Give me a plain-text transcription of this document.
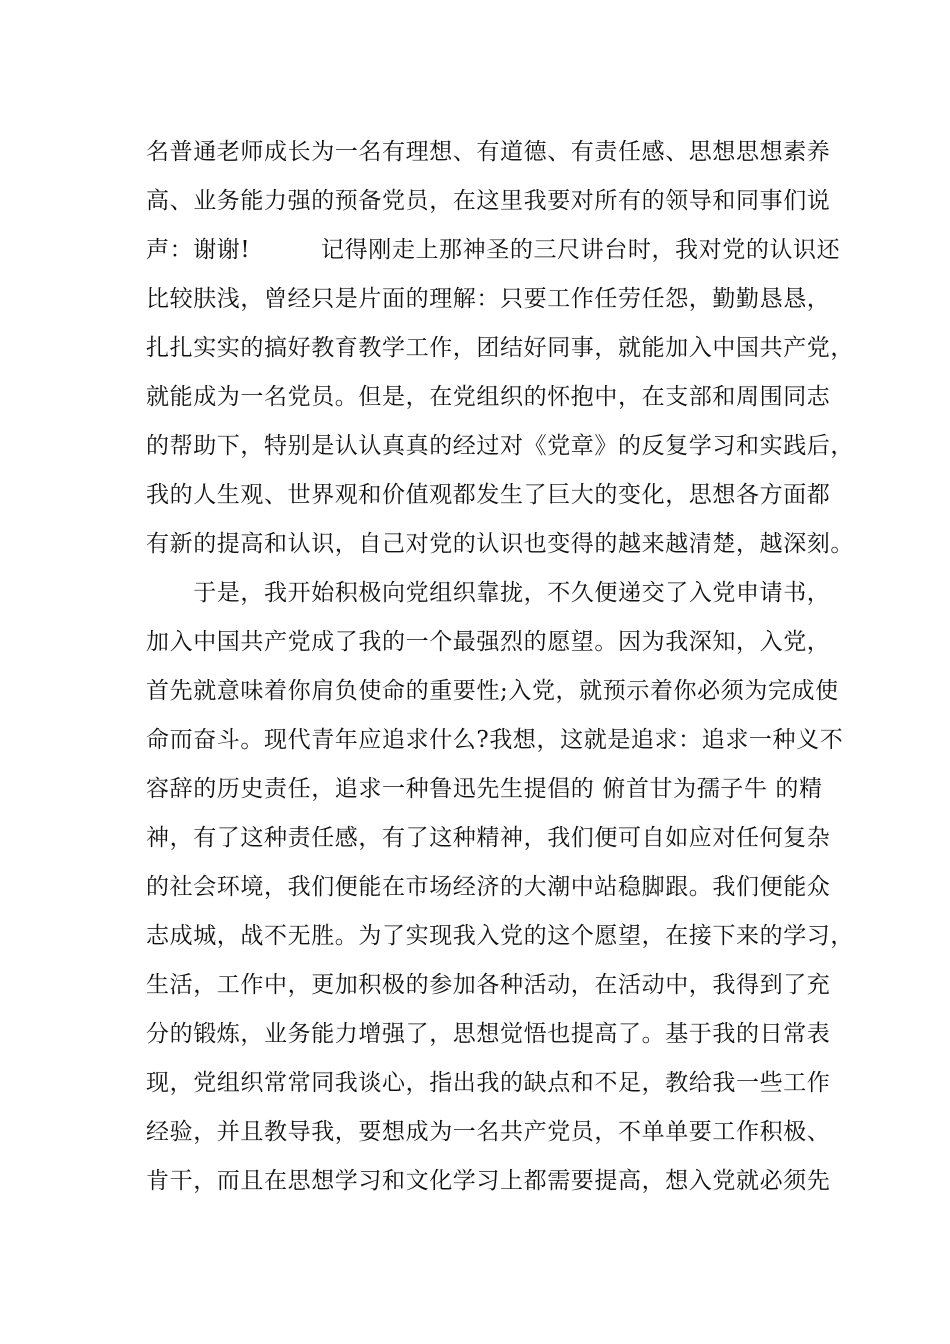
名普通老师成长为一名有理想、有道德、有责任感、思想思想素养
高、业务能力强的预备党员，在这里我要对所有的领导和同事们说
声：谢谢!　　　记得刚走上那神圣的三尺讲台时，我对党的认识还
比较肤浅，曾经只是片面的理解：只要工作任劳任怨，勤勤恳恳，
扎扎实实的搞好教育教学工作，团结好同事，就能加入中国共产党，
就能成为一名党员。但是，在党组织的怀抱中，在支部和周围同志
的帮助下，特别是认认真真的经过对《党章》的反复学习和实践后，
我的人生观、世界观和价值观都发生了巨大的变化，思想各方面都
有新的提高和认识，自己对党的认识也变得的越来越清楚，越深刻。
　　于是，我开始积极向党组织靠拢，不久便递交了入党申请书，
加入中国共产党成了我的一个最强烈的愿望。因为我深知，入党，
首先就意味着你肩负使命的重要性;入党，就预示着你必须为完成使
命而奋斗。现代青年应追求什么?我想，这就是追求：追求一种义不
容辞的历史责任，追求一种鲁迅先生提倡的 俯首甘为孺子牛 的精
神，有了这种责任感，有了这种精神，我们便可自如应对任何复杂
的社会环境，我们便能在市场经济的大潮中站稳脚跟。我们便能众
志成城，战不无胜。为了实现我入党的这个愿望，在接下来的学习，
生活，工作中，更加积极的参加各种活动，在活动中，我得到了充
分的锻炼，业务能力增强了，思想觉悟也提高了。基于我的日常表
现，党组织常常同我谈心，指出我的缺点和不足，教给我一些工作
经验，并且教导我，要想成为一名共产党员，不单单要工作积极、
肯干，而且在思想学习和文化学习上都需要提高，想入党就必须先
